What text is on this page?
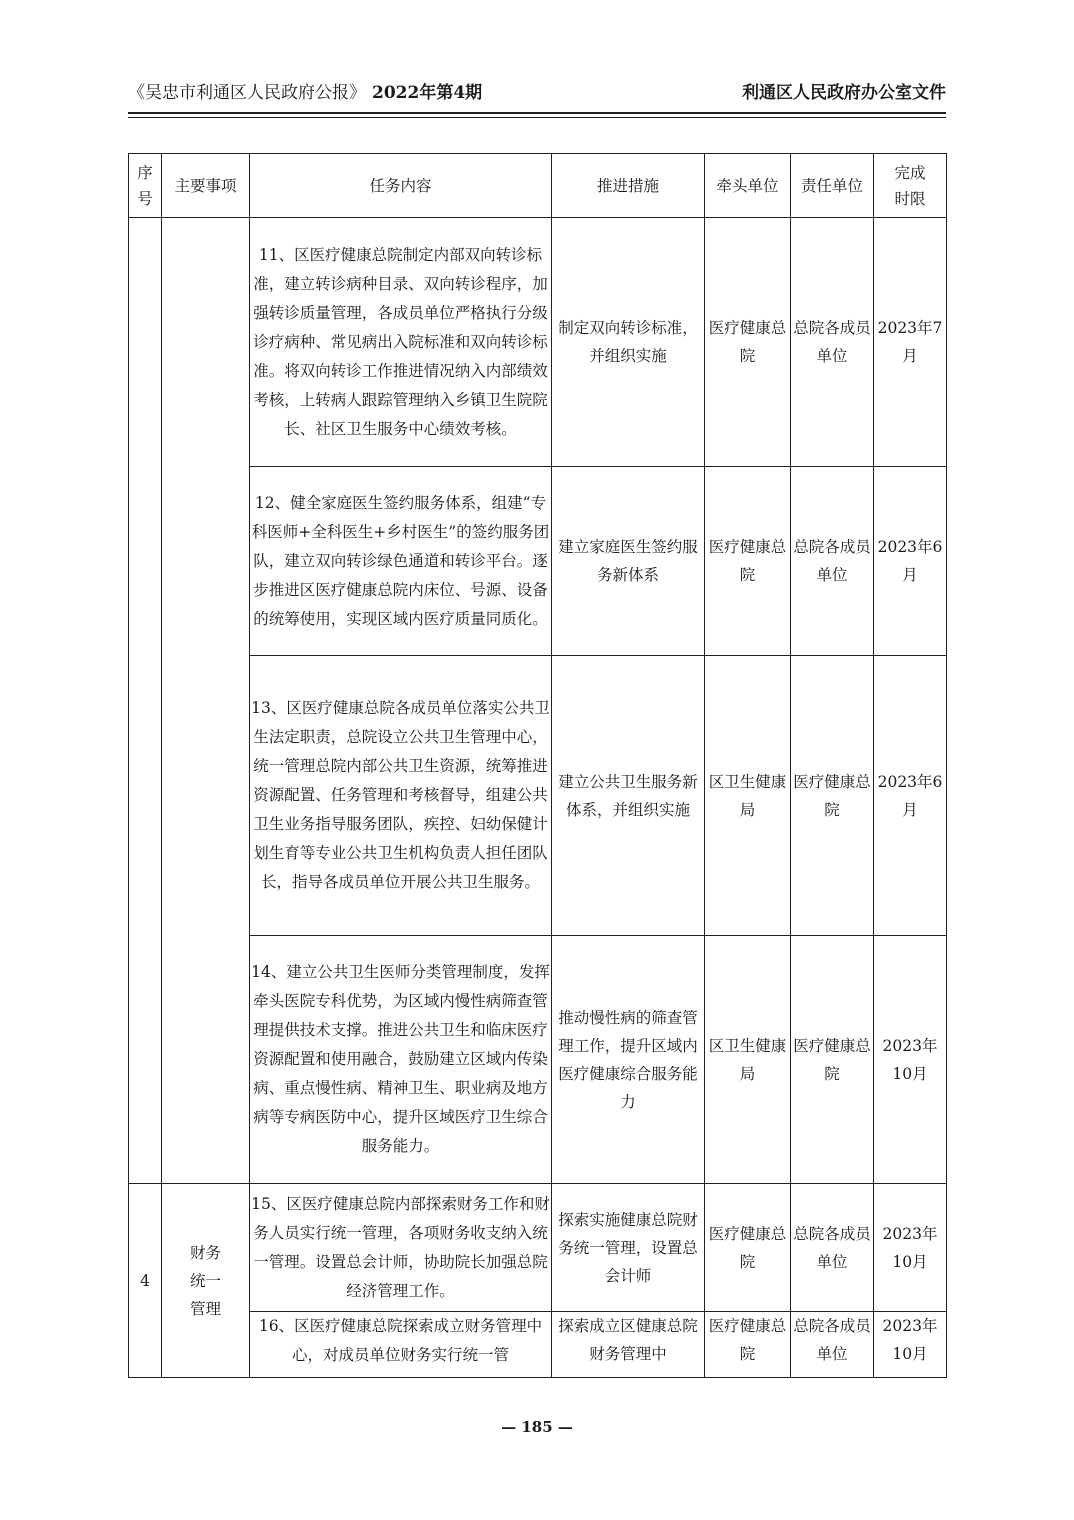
《吴忠市利通区人民政府公报》 2022年第4期	利通区人民政府办公室文件
序号	主要事项	任务内容	推进措施	牵头单位	责任单位	完成时限

		11、区医疗健康总院制定内部双向转诊标准，建立转诊病种目录、双向转诊程序，加强转诊质量管理，各成员单位严格执行分级诊疗病种、常见病出入院标准和双向转诊标准。将双向转诊工作推进情况纳入内部绩效考核，上转病人跟踪管理纳入乡镇卫生院院长、社区卫生服务中心绩效考核。	制定双向转诊标准，并组织实施	医疗健康总院	总院各成员单位	2023年7月
		12、健全家庭医生签约服务体系，组建“专科医师+全科医生+乡村医生”的签约服务团队，建立双向转诊绿色通道和转诊平台。逐步推进区医疗健康总院内床位、号源、设备的统筹使用，实现区域内医疗质量同质化。	建立家庭医生签约服务新体系	医疗健康总院	总院各成员单位	2023年6月
		13、区医疗健康总院各成员单位落实公共卫生法定职责，总院设立公共卫生管理中心，统一管理总院内部公共卫生资源，统筹推进资源配置、任务管理和考核督导，组建公共卫生业务指导服务团队，疾控、妇幼保健计划生育等专业公共卫生机构负责人担任团队长，指导各成员单位开展公共卫生服务。	建立公共卫生服务新体系，并组织实施	区卫生健康局	医疗健康总院	2023年6月
		14、建立公共卫生医师分类管理制度，发挥牵头医院专科优势，为区域内慢性病筛查管理提供技术支撑。推进公共卫生和临床医疗资源配置和使用融合，鼓励建立区域内传染病、重点慢性病、精神卫生、职业病及地方病等专病医防中心，提升区域医疗卫生综合服务能力。	推动慢性病的筛查管理工作，提升区域内医疗健康综合服务能力	区卫生健康局	医疗健康总院	2023年10月
4	财务统一管理	15、区医疗健康总院内部探索财务工作和财务人员实行统一管理，各项财务收支纳入统一管理。设置总会计师，协助院长加强总院经济管理工作。	探索实施健康总院财务统一管理，设置总会计师	医疗健康总院	总院各成员单位	2023年10月
		16、区医疗健康总院探索成立财务管理中心，对成员单位财务实行统一管	探索成立区健康总院财务管理中	医疗健康总院	总院各成员单位	2023年10月
— 185 —
